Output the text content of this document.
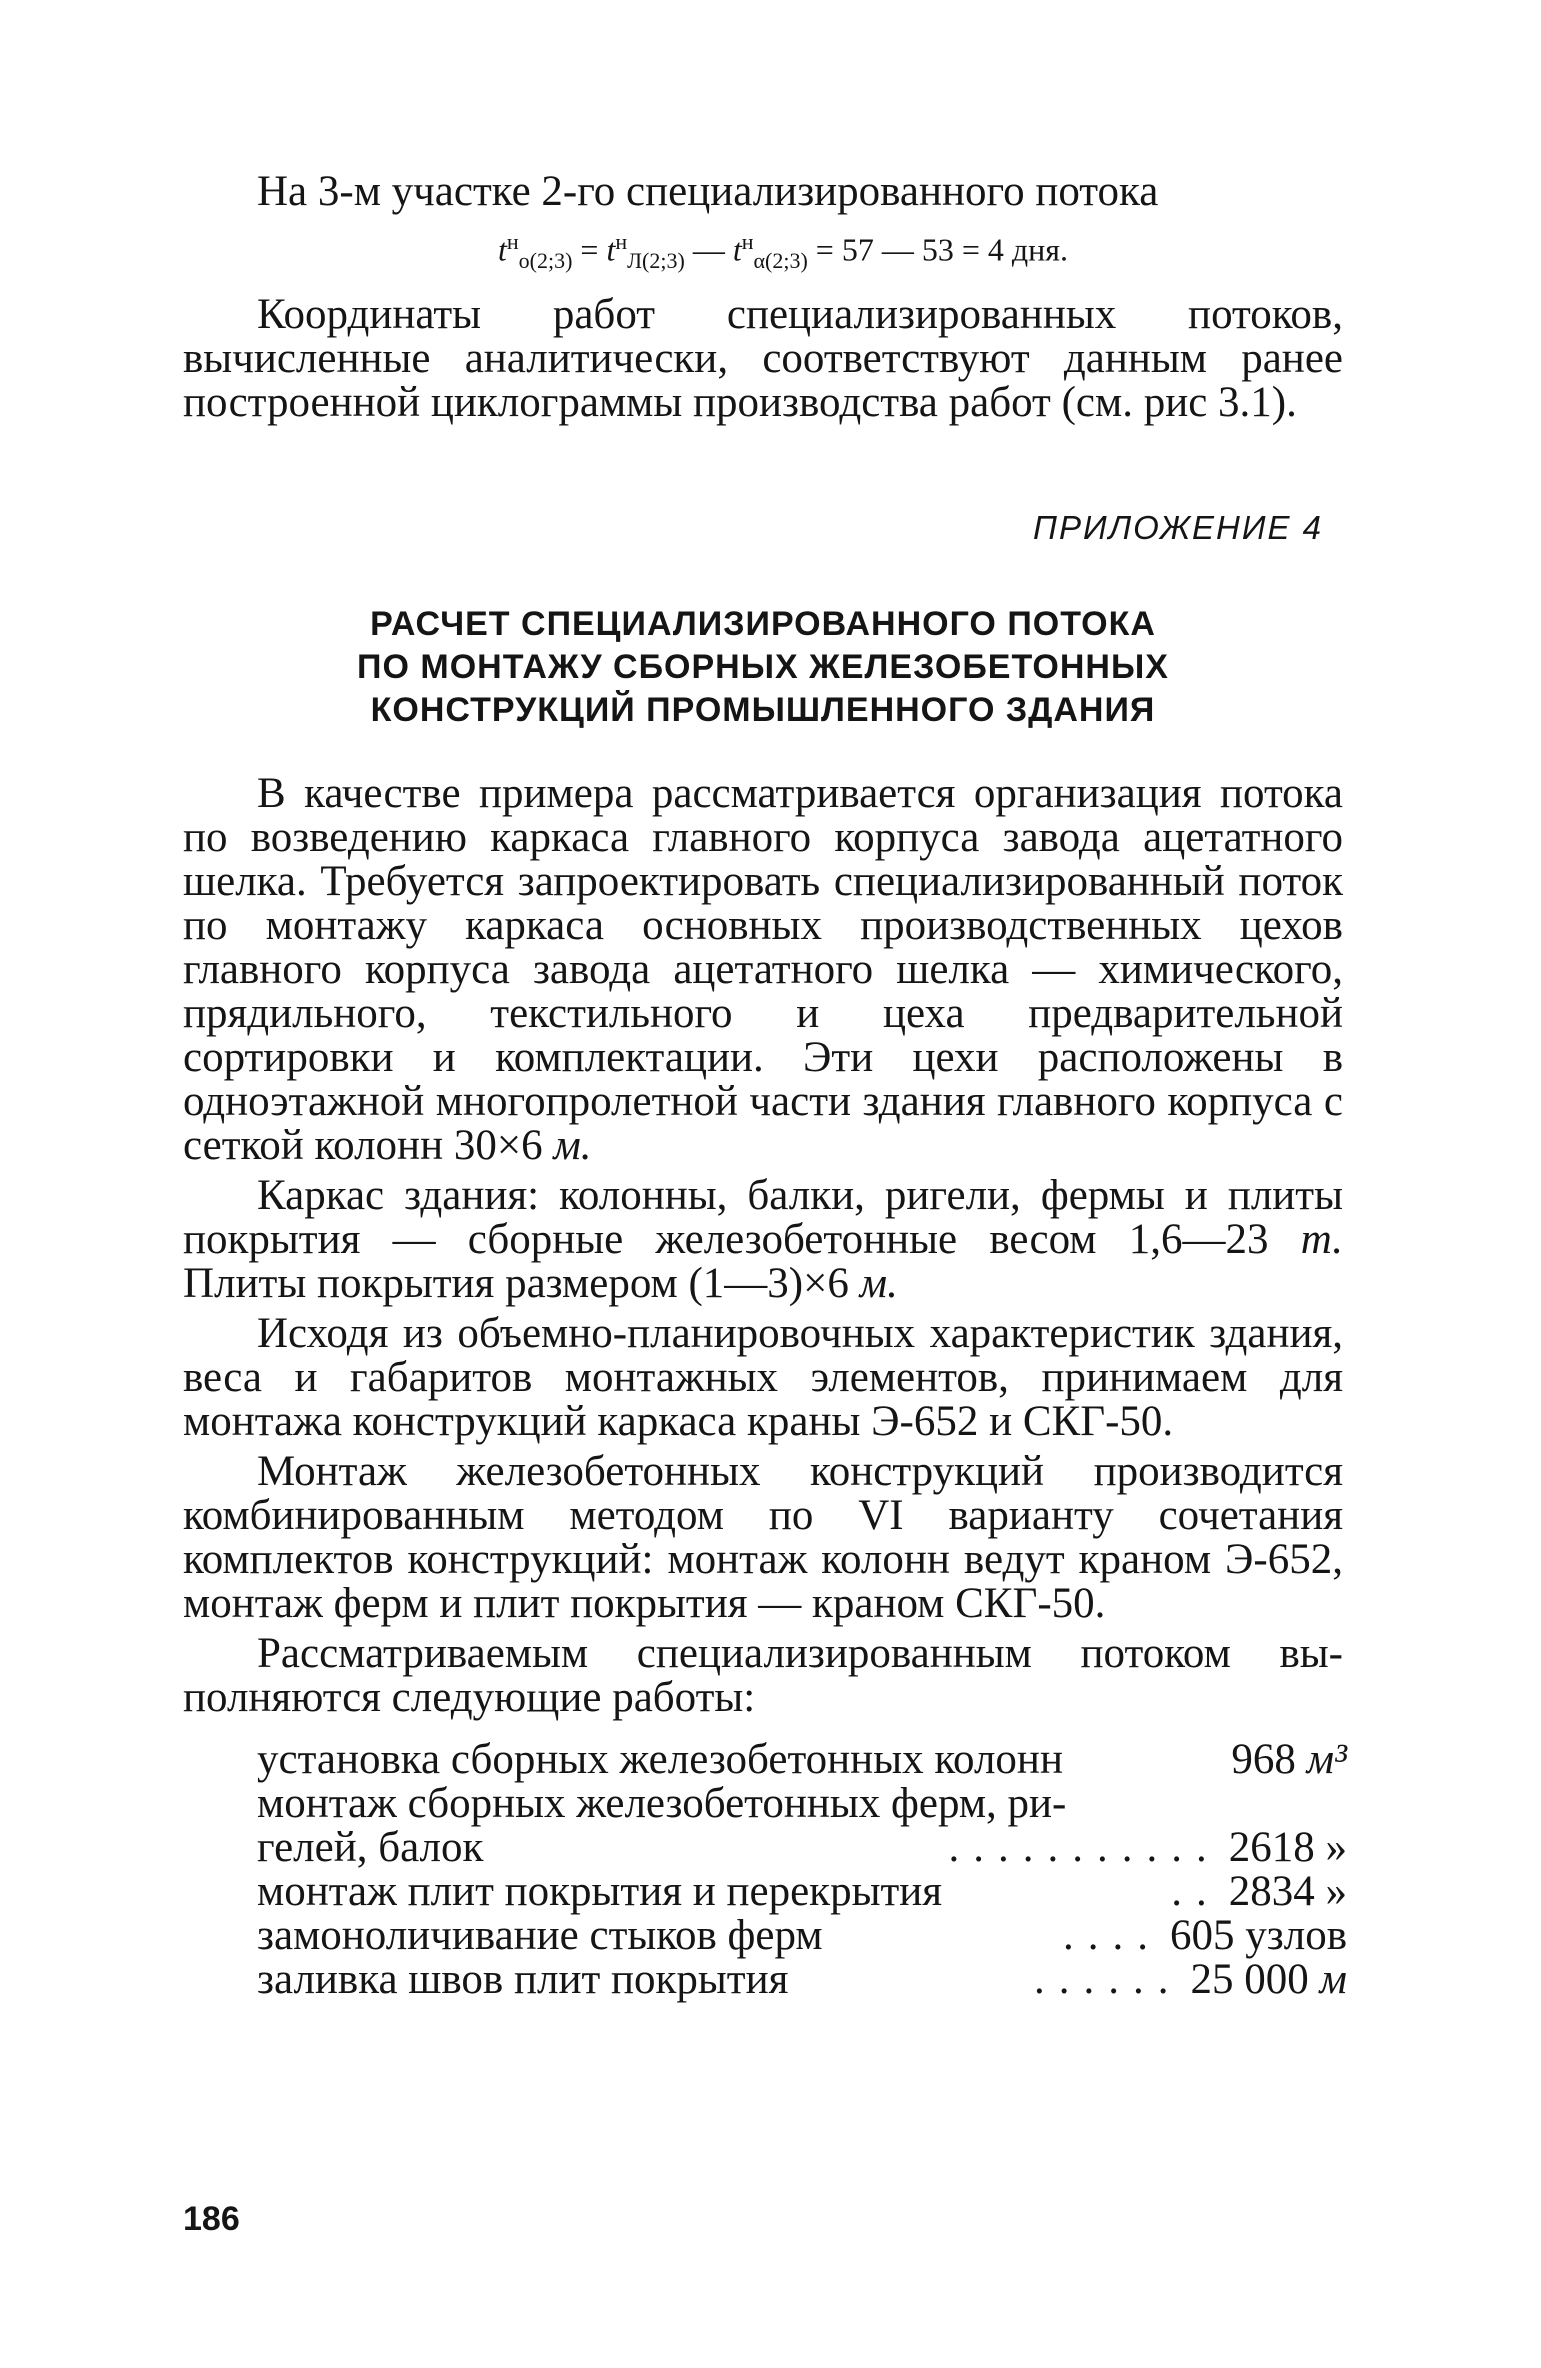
На 3-м участке 2-го специализированного потока

$t^н_{о(2;3)} = t^н_{Л(2;3)}$ — $t^н_{\alpha(2;3)} = 57$ — 53 = 4 дня.

Координаты работ специализированных потоков, вычисленные аналитически, соответствуют данным ранее построенной циклограммы производства работ (см. рис 3.1).

ПРИЛОЖЕНИЕ 4
РАСЧЕТ СПЕЦИАЛИЗИРОВАННОГО ПОТОКА
ПО МОНТАЖУ СБОРНЫХ ЖЕЛЕЗОБЕТОННЫХ
КОНСТРУКЦИЙ ПРОМЫШЛЕННОГО ЗДАНИЯ

В качестве примера рассматривается организация потока по возведению каркаса главного корпуса завода ацетатного шелка. Требуется запроектировать специализированный поток по монтажу каркаса основных производственных цехов главного корпуса завода ацетатного шелка — химического, прядильного, текстильного и цеха предварительной сортировки и комплектации. Эти цехи расположены в одноэтажной многопролетной части здания главного корпуса с сеткой колонн 30×6 м.

Каркас здания: колонны, балки, ригели, фермы и плиты покрытия — сборные железобетонные весом 1,6—23 т. Плиты покрытия размером (1—3)×6 м.

Исходя из объемно-планировочных характеристик здания, веса и габаритов монтажных элементов, принимаем для монтажа конструкций каркаса краны Э-652 и СКГ-50.

Монтаж железобетонных конструкций производится комбинированным методом по VI варианту сочетания комплектов конструкций: монтаж колонн ведут краном Э-652, монтаж ферм и плит покрытия — краном СКГ-50.

Рассматриваемым специализированным потоком выполняются следующие работы:

установка сборных железобетонных колонн	968 м³
монтаж сборных железобетонных ферм, ри-
гелей, балок	........... 2618 »
монтаж плит покрытия и перекрытия	.. 2834 »
замоноличивание стыков ферм	.... 605 узлов
заливка швов плит покрытия	...... 25 000 м
186
